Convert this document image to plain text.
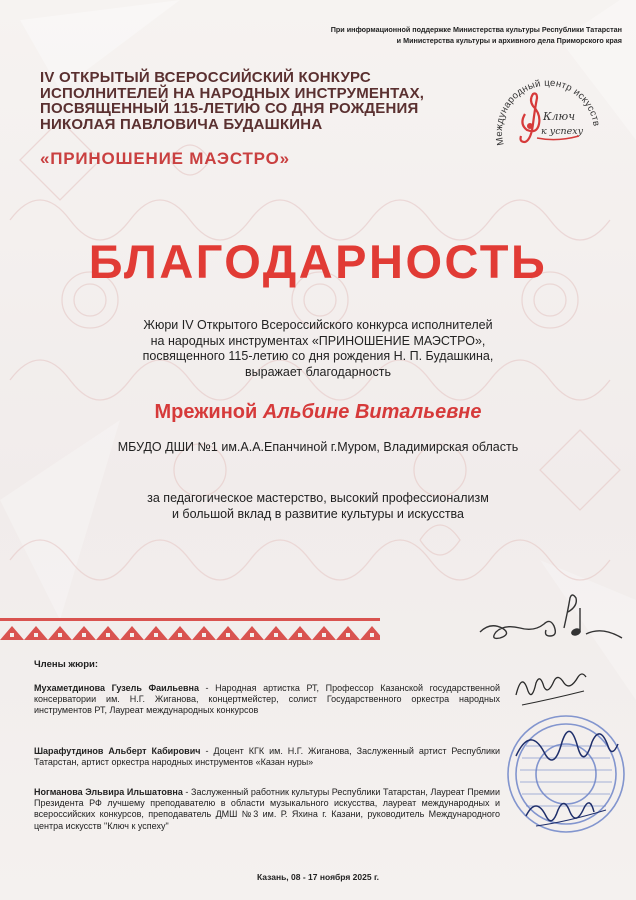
При информационной поддержке Министерства культуры Республики Татарстан
и Министерства культуры и архивного дела Приморского края
IV ОТКРЫТЫЙ ВСЕРОССИЙСКИЙ КОНКУРС
ИСПОЛНИТЕЛЕЙ НА НАРОДНЫХ ИНСТРУМЕНТАХ,
ПОСВЯЩЕННЫЙ 115-ЛЕТИЮ СО ДНЯ РОЖДЕНИЯ
НИКОЛАЯ ПАВЛОВИЧА БУДАШКИНА
«ПРИНОШЕНИЕ МАЭСТРО»
Международный центр искусств
Ключ
к успеху
БЛАГОДАРНОСТЬ
Жюри IV Открытого Всероссийского конкурса исполнителей
на народных инструментах «ПРИНОШЕНИЕ МАЭСТРО»,
посвященного 115-летию со дня рождения Н. П. Будашкина,
выражает благодарность
Мрежиной Альбине Витальевне
МБУДО ДШИ №1 им.А.А.Епанчиной г.Муром, Владимирская область
за педагогическое мастерство, высокий профессионализм
и большой вклад в развитие культуры и искусства
Члены жюри:
Мухаметдинова Гузель Фаильевна - Народная артистка РТ, Профессор Казанской государственной консерватории им. Н.Г. Жиганова, концертмейстер, солист Государственного оркестра народных инструментов РТ, Лауреат международных конкурсов
Шарафутдинов Альберт Кабирович - Доцент КГК им. Н.Г. Жиганова, Заслуженный артист Республики Татарстан, артист оркестра народных инструментов «Казан нуры»
Ногманова Эльвира Ильшатовна - Заслуженный работник культуры Республики Татарстан, Лауреат Премии Президента РФ лучшему преподавателю в области музыкального искусства, лауреат международных и всероссийских конкурсов, преподаватель ДМШ №3 им. Р. Яхина г. Казани, руководитель Международного центра искусств "Ключ к успеху"
Казань, 08 - 17 ноября 2025 г.
